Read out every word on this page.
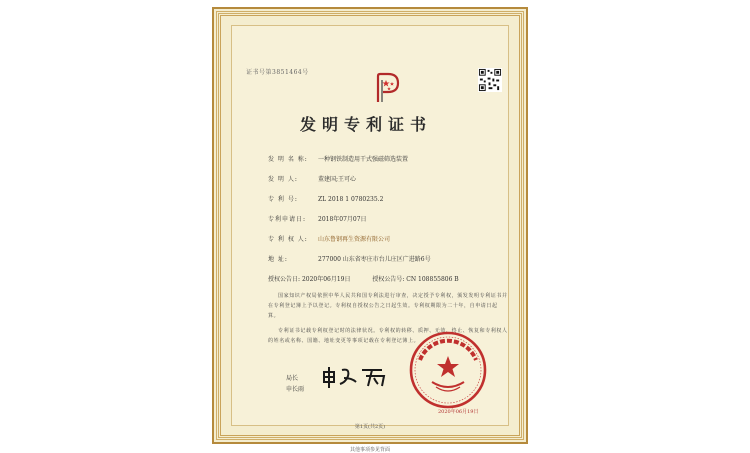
证书号第3851464号
发明专利证书
发 明 名 称: 一种钢铁制造用干式强磁筛选装置
发 明 人:	董建国;王可心
专 利 号:	ZL 2018 1 0780235.2
专利申请日: 2018年07月07日
专 利 权 人: 山东鲁钢再生资源有限公司
地 址:	277000 山东省枣庄市台儿庄区广进路6号
授权公告日: 2020年06月19日	授权公告号: CN 108855806 B
国家知识产权局依照中华人民共和国专利法进行审查，决定授予专利权，颁发发明专利证书并在专利登记簿上予以登记。专利权自授权公告之日起生效。专利权期限为二十年，自申请日起算。
专利证书记载专利权登记时的法律状况。专利权的转移、质押、无效、终止、恢复和专利权人的姓名或名称、国籍、地址变更等事项记载在专利登记簿上。
局长
申长雨
2020年06月19日
第1页(共2页)
其他事项参见背面
